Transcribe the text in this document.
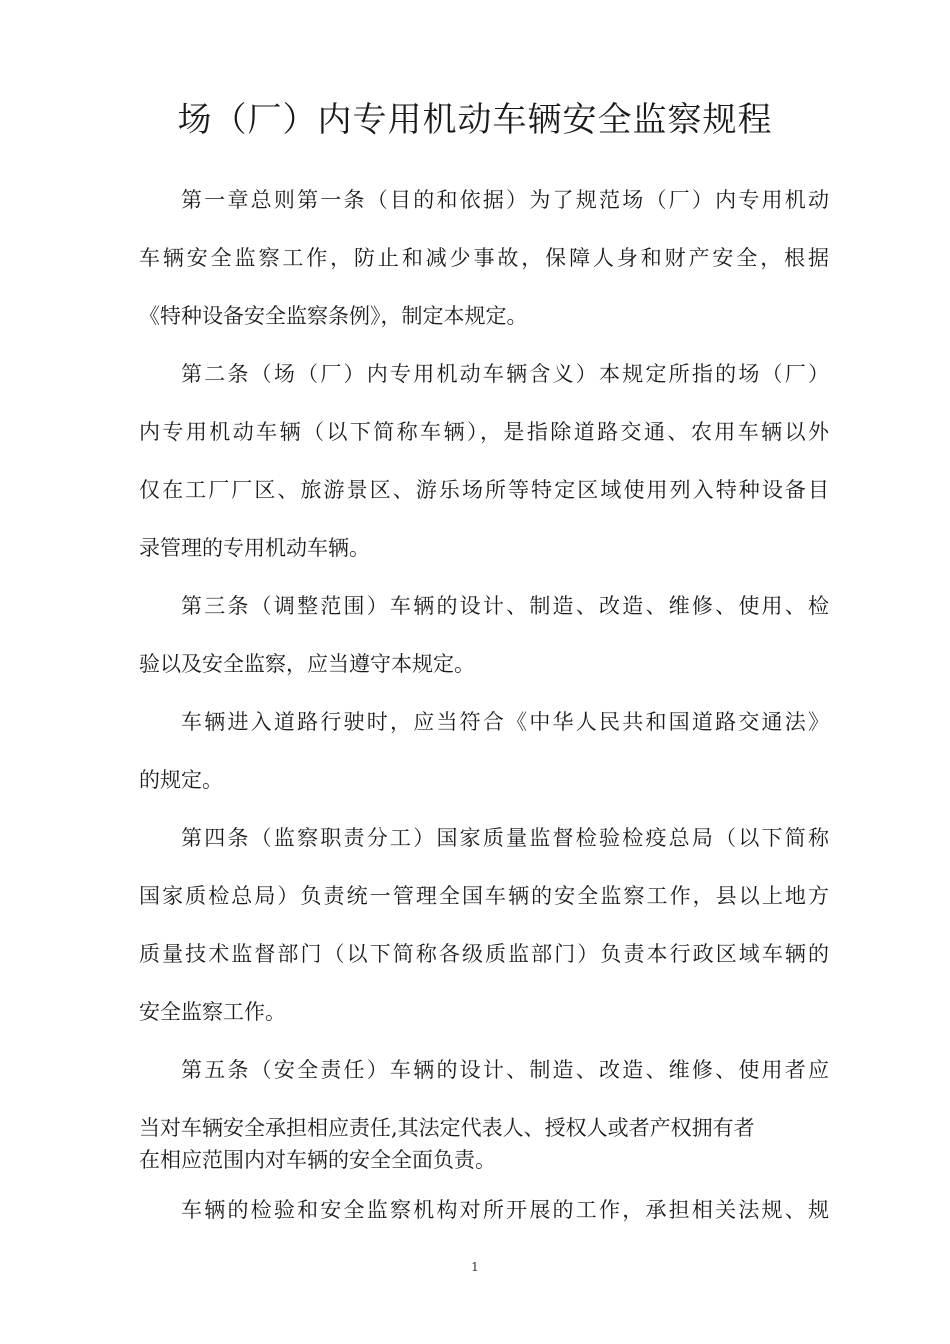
场（厂）内专用机动车辆安全监察规程
第一章总则第一条（目的和依据）为了规范场（厂）内专用机动
车辆安全监察工作，防止和减少事故，保障人身和财产安全，根据
《特种设备安全监察条例》，制定本规定。
第二条（场（厂）内专用机动车辆含义）本规定所指的场（厂）
内专用机动车辆（以下简称车辆），是指除道路交通、农用车辆以外
仅在工厂厂区、旅游景区、游乐场所等特定区域使用列入特种设备目
录管理的专用机动车辆。
第三条（调整范围）车辆的设计、制造、改造、维修、使用、检
验以及安全监察，应当遵守本规定。
车辆进入道路行驶时，应当符合《中华人民共和国道路交通法》
的规定。
第四条（监察职责分工）国家质量监督检验检疫总局（以下简称
国家质检总局）负责统一管理全国车辆的安全监察工作，县以上地方
质量技术监督部门（以下简称各级质监部门）负责本行政区域车辆的
安全监察工作。
第五条（安全责任）车辆的设计、制造、改造、维修、使用者应
当对车辆安全承担相应责任,其法定代表人、授权人或者产权拥有者
在相应范围内对车辆的安全全面负责。
车辆的检验和安全监察机构对所开展的工作，承担相关法规、规
1
